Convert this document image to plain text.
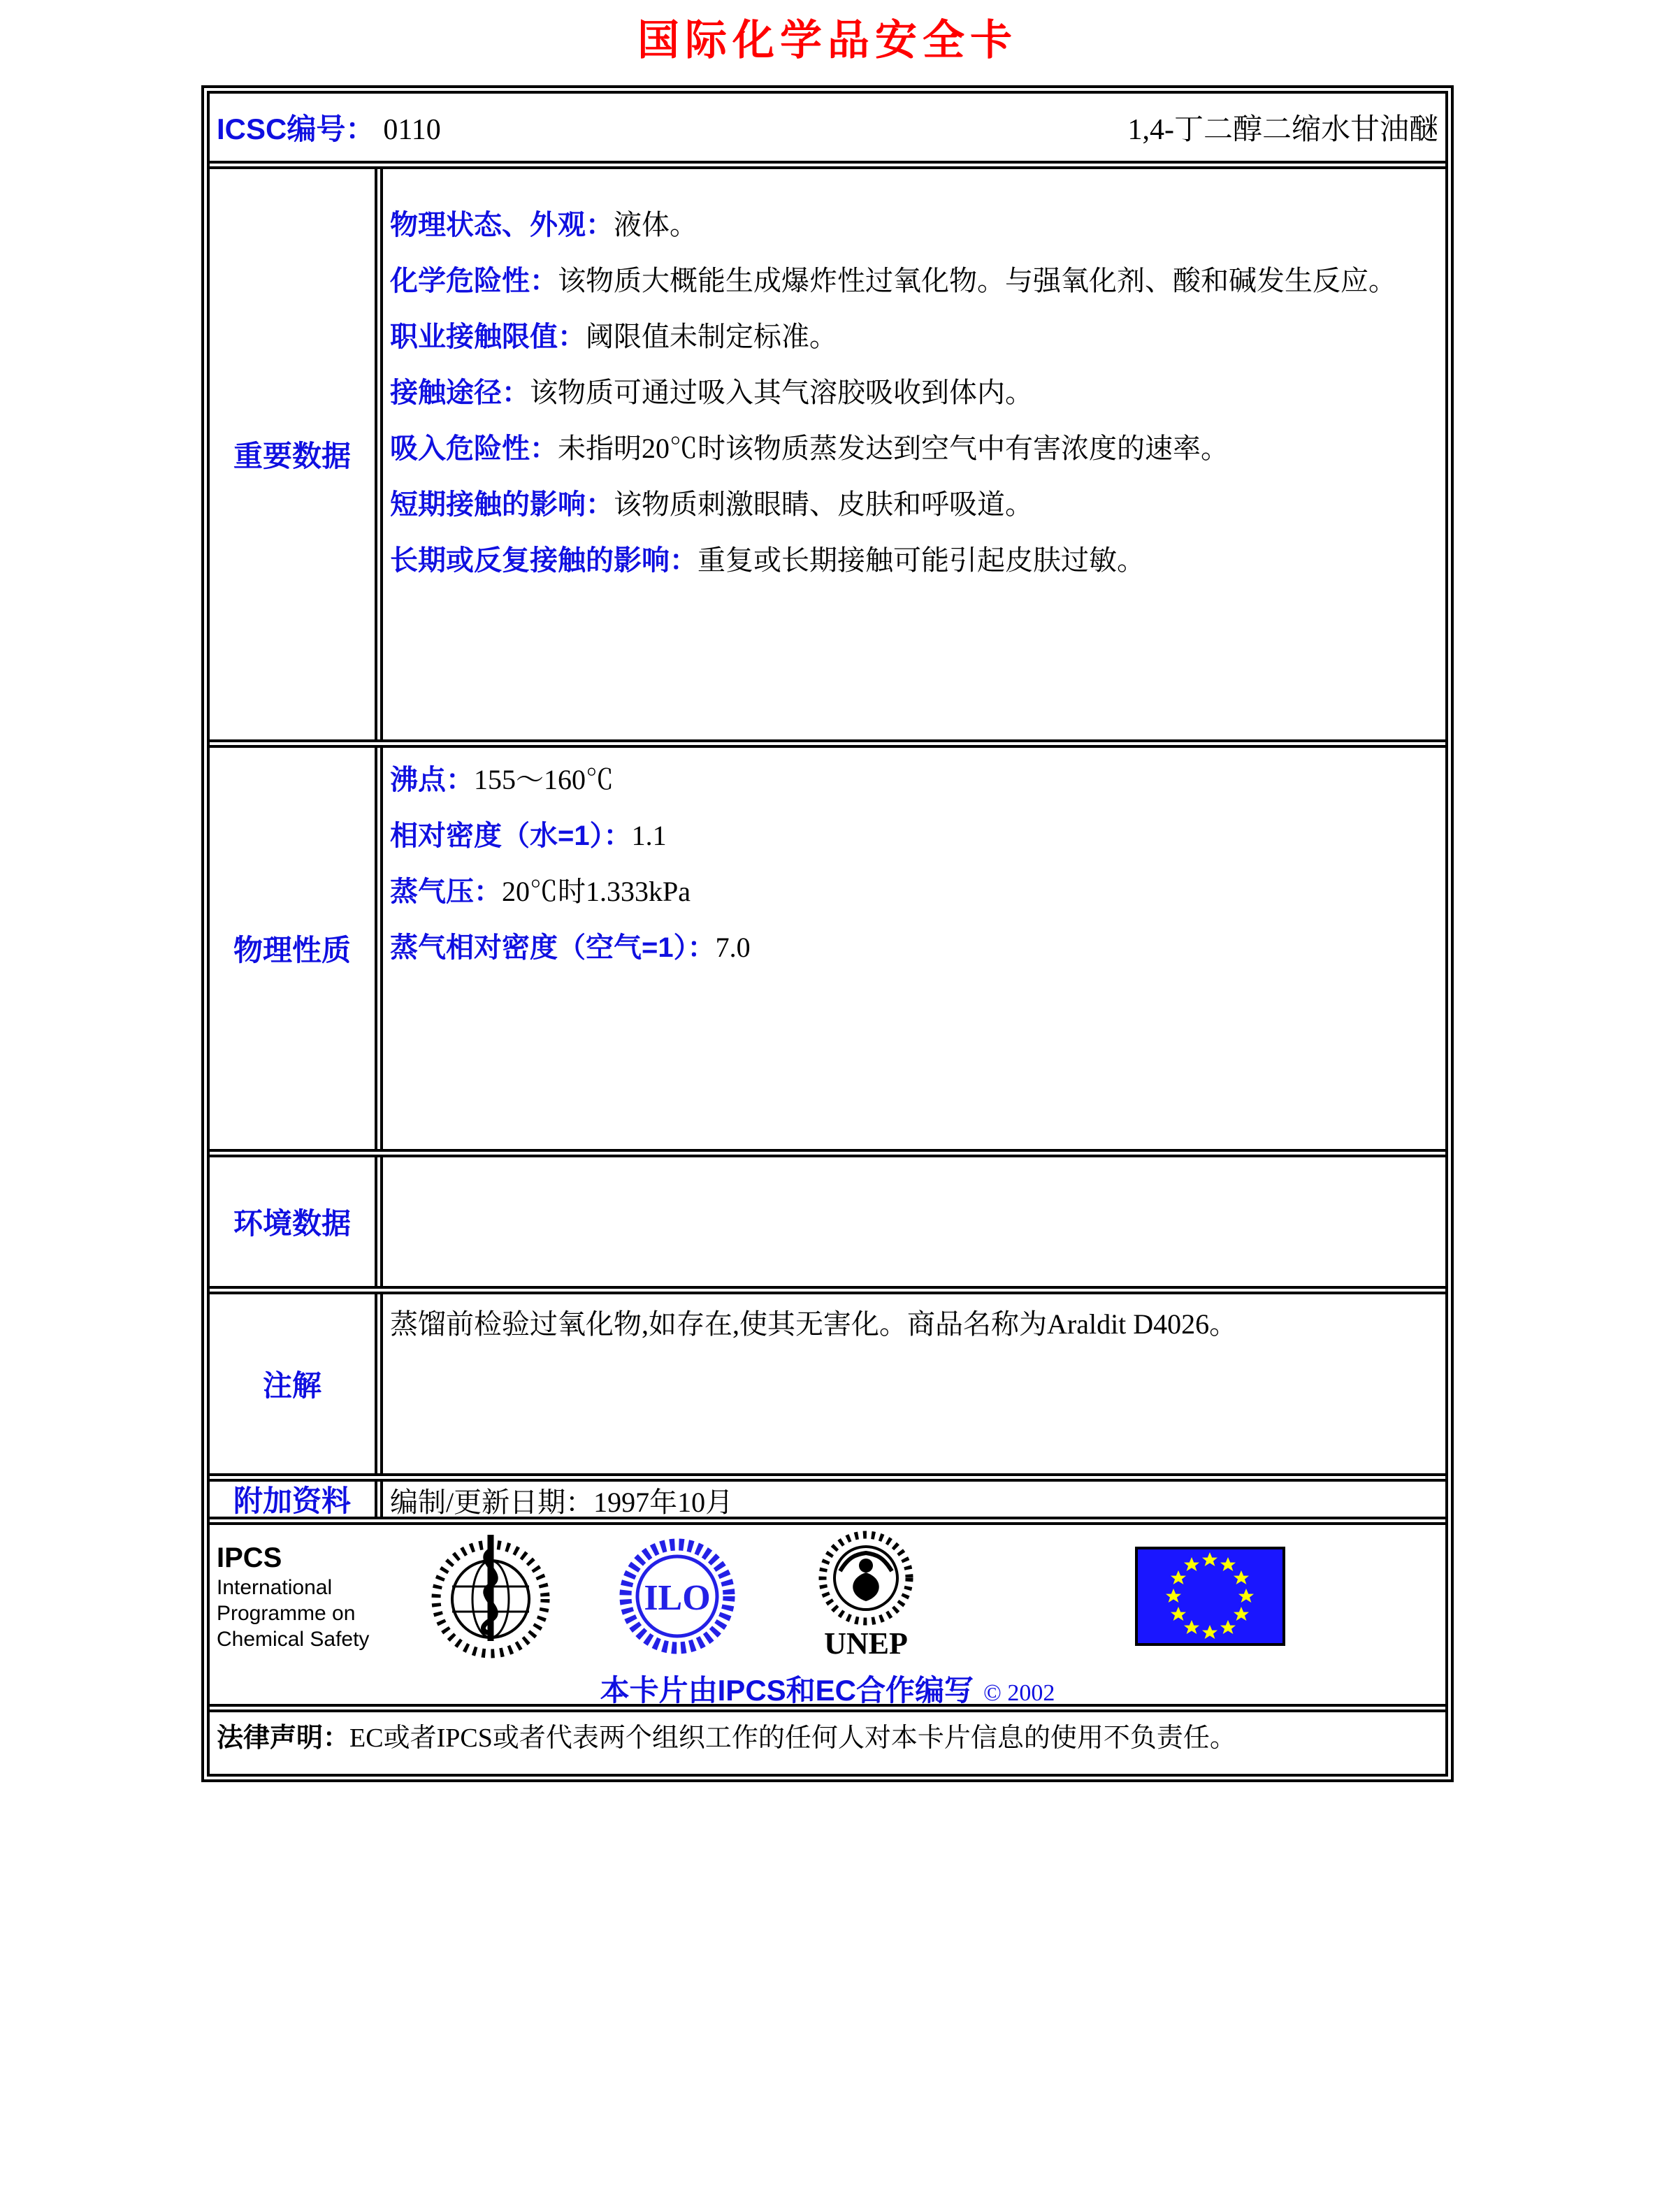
国际化学品安全卡
ICSC编号： 0110	1,4-丁二醇二缩水甘油醚
重要数据
物理状态、外观：液体。
化学危险性：该物质大概能生成爆炸性过氧化物。与强氧化剂、酸和碱发生反应。
职业接触限值：阈限值未制定标准。
接触途径：该物质可通过吸入其气溶胶吸收到体内。
吸入危险性：未指明20℃时该物质蒸发达到空气中有害浓度的速率。
短期接触的影响：该物质刺激眼睛、皮肤和呼吸道。
长期或反复接触的影响：重复或长期接触可能引起皮肤过敏。
物理性质
沸点：155～160℃
相对密度（水=1）：1.1
蒸气压：20℃时1.333kPa
蒸气相对密度（空气=1）：7.0
环境数据
注解
蒸馏前检验过氧化物,如存在,使其无害化。商品名称为Araldit D4026。
附加资料 编制/更新日期：1997年10月
IPCS
International
Programme on
Chemical Safety
ILO
UNEP
本卡片由IPCS和EC合作编写 © 2002
法律声明：EC或者IPCS或者代表两个组织工作的任何人对本卡片信息的使用不负责任。
